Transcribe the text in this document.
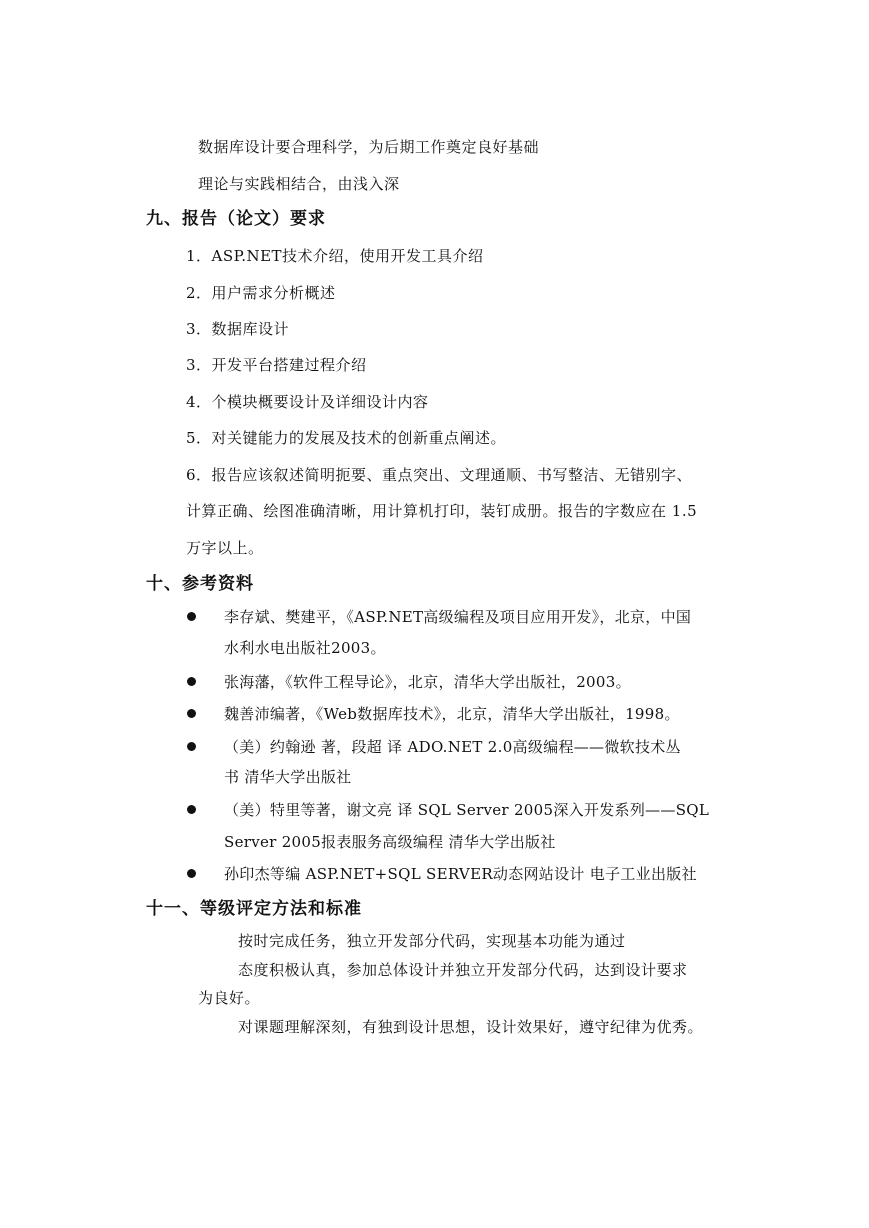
数据库设计要合理科学，为后期工作奠定良好基础
理论与实践相结合，由浅入深
九、报告（论文）要求
1．ASP.NET技术介绍，使用开发工具介绍
2．用户需求分析概述
3．数据库设计
3．开发平台搭建过程介绍
4．个模块概要设计及详细设计内容
5．对关键能力的发展及技术的创新重点阐述。
6．报告应该叙述简明扼要、重点突出、文理通顺、书写整洁、无错别字、
计算正确、绘图准确清晰，用计算机打印，装钉成册。报告的字数应在 1.5
万字以上。
十、参考资料
李存斌、樊建平，《ASP.NET高级编程及项目应用开发》，北京，中国
水利水电出版社2003。
张海藩，《软件工程导论》，北京，清华大学出版社，2003。
魏善沛编著，《Web数据库技术》，北京，清华大学出版社，1998。
（美）约翰逊 著，段超 译 ADO.NET 2.0高级编程——微软技术丛
书 清华大学出版社
（美）特里等著，谢文亮 译 SQL Server 2005深入开发系列——SQL
Server 2005报表服务高级编程 清华大学出版社
孙印杰等编 ASP.NET+SQL SERVER动态网站设计 电子工业出版社
十一、等级评定方法和标准
按时完成任务，独立开发部分代码，实现基本功能为通过
态度积极认真，参加总体设计并独立开发部分代码，达到设计要求
为良好。
对课题理解深刻，有独到设计思想，设计效果好，遵守纪律为优秀。
